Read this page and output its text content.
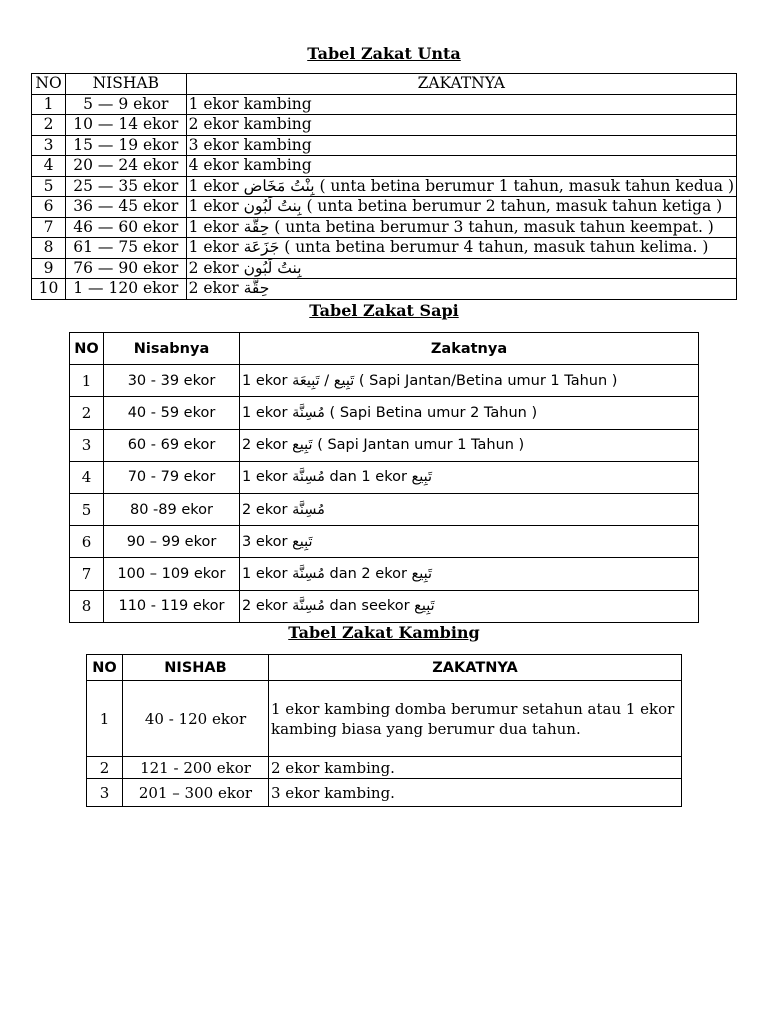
Tabel Zakat Unta
NO	NISHAB	ZAKATNYA
1	5 — 9 ekor	1 ekor kambing
2	10 — 14 ekor	2 ekor kambing
3	15 — 19 ekor	3 ekor kambing
4	20 — 24 ekor	4 ekor kambing
5	25 — 35 ekor	1 ekor بِنْتُ مَخَاض ( unta betina berumur 1 tahun, masuk tahun kedua )
6	36 — 45 ekor	1 ekor بِنتُ لَبُون ( unta betina berumur 2 tahun, masuk tahun ketiga )
7	46 — 60 ekor	1 ekor حِقَّة ( unta betina berumur 3 tahun, masuk tahun keempat. )
8	61 — 75 ekor	1 ekor جَزَعَة ( unta betina berumur 4 tahun, masuk tahun kelima. )
9	76 — 90 ekor	2 ekor بِنتُ لَبُون
10	1 — 120 ekor	2 ekor حِقَّة
Tabel Zakat Sapi
NO	Nisabnya	Zakatnya
1	30 - 39 ekor	1 ekor تَبِيع / تَبِيعَة ( Sapi Jantan/Betina umur 1 Tahun )
2	40 - 59 ekor	1 ekor مُسِنَّة ( Sapi Betina umur 2 Tahun )
3	60 - 69 ekor	2 ekor تَبِيع ( Sapi Jantan umur 1 Tahun )
4	70 - 79 ekor	1 ekor مُسِنَّة dan 1 ekor تَبِيع
5	80 -89 ekor	2 ekor مُسِنَّة
6	90 – 99 ekor	3 ekor تَبِيع
7	100 – 109 ekor	1 ekor مُسِنَّة dan 2 ekor تَبِيع
8	110 - 119 ekor	2 ekor مُسِنَّة dan seekor تَبِيع
Tabel Zakat Kambing
NO	NISHAB	ZAKATNYA
1	40 - 120 ekor	1 ekor kambing domba berumur setahun atau 1 ekor kambing biasa yang berumur dua tahun.
2	121 - 200 ekor	2 ekor kambing.
3	201 – 300 ekor	3 ekor kambing.
